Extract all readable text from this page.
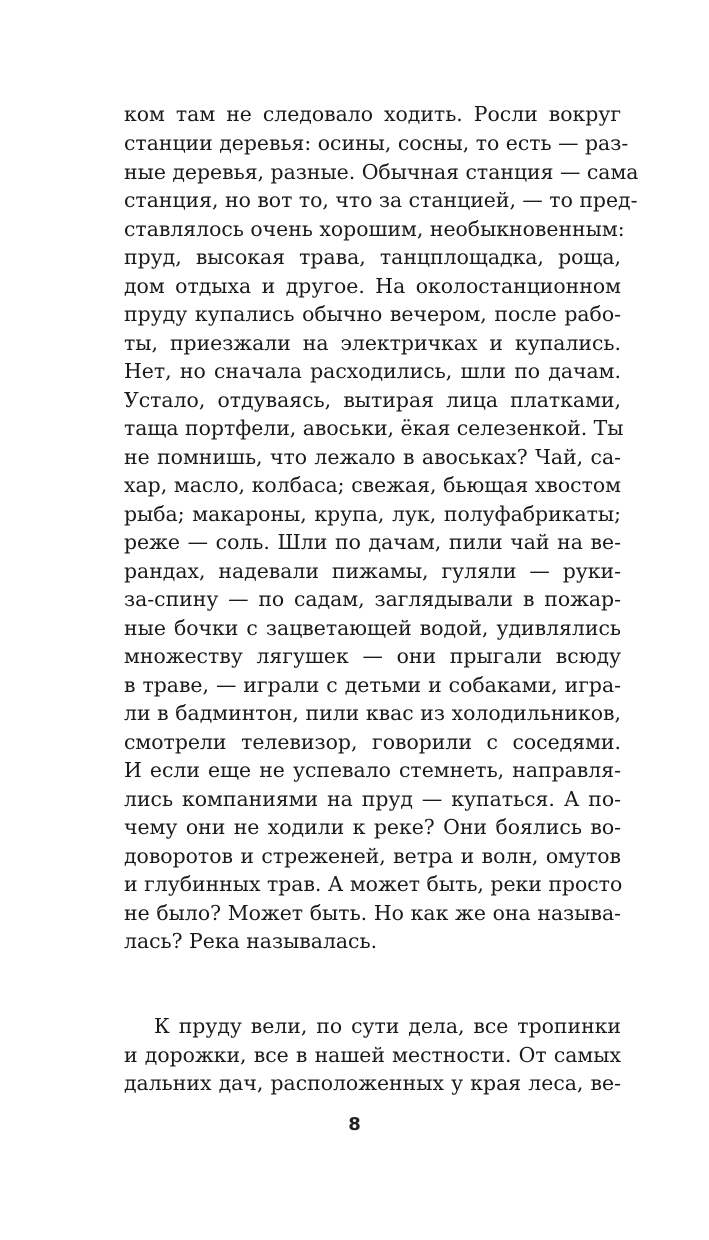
ком там не следовало ходить. Росли вокруг
станции деревья: осины, сосны, то есть — раз-
ные деревья, разные. Обычная станция — сама
станция, но вот то, что за станцией, — то пред-
ставлялось очень хорошим, необыкновенным:
пруд, высокая трава, танцплощадка, роща,
дом отдыха и другое. На околостанционном
пруду купались обычно вечером, после рабо-
ты, приезжали на электричках и купались.
Нет, но сначала расходились, шли по дачам.
Устало, отдуваясь, вытирая лица платками,
таща портфели, авоськи, ёкая селезенкой. Ты
не помнишь, что лежало в авоськах? Чай, са-
хар, масло, колбаса; свежая, бьющая хвостом
рыба; макароны, крупа, лук, полуфабрикаты;
реже — соль. Шли по дачам, пили чай на ве-
рандах, надевали пижамы, гуляли — руки-
за-спину — по садам, заглядывали в пожар-
ные бочки с зацветающей водой, удивлялись
множеству лягушек — они прыгали всюду
в траве, — играли с детьми и собаками, игра-
ли в бадминтон, пили квас из холодильников,
смотрели телевизор, говорили с соседями.
И если еще не успевало стемнеть, направля-
лись компаниями на пруд — купаться. А по-
чему они не ходили к реке? Они боялись во-
доворотов и стреженей, ветра и волн, омутов
и глубинных трав. А может быть, реки просто
не было? Может быть. Но как же она называ-
лась? Река называлась.
К пруду вели, по сути дела, все тропинки
и дорожки, все в нашей местности. От самых
дальних дач, расположенных у края леса, ве-
8
